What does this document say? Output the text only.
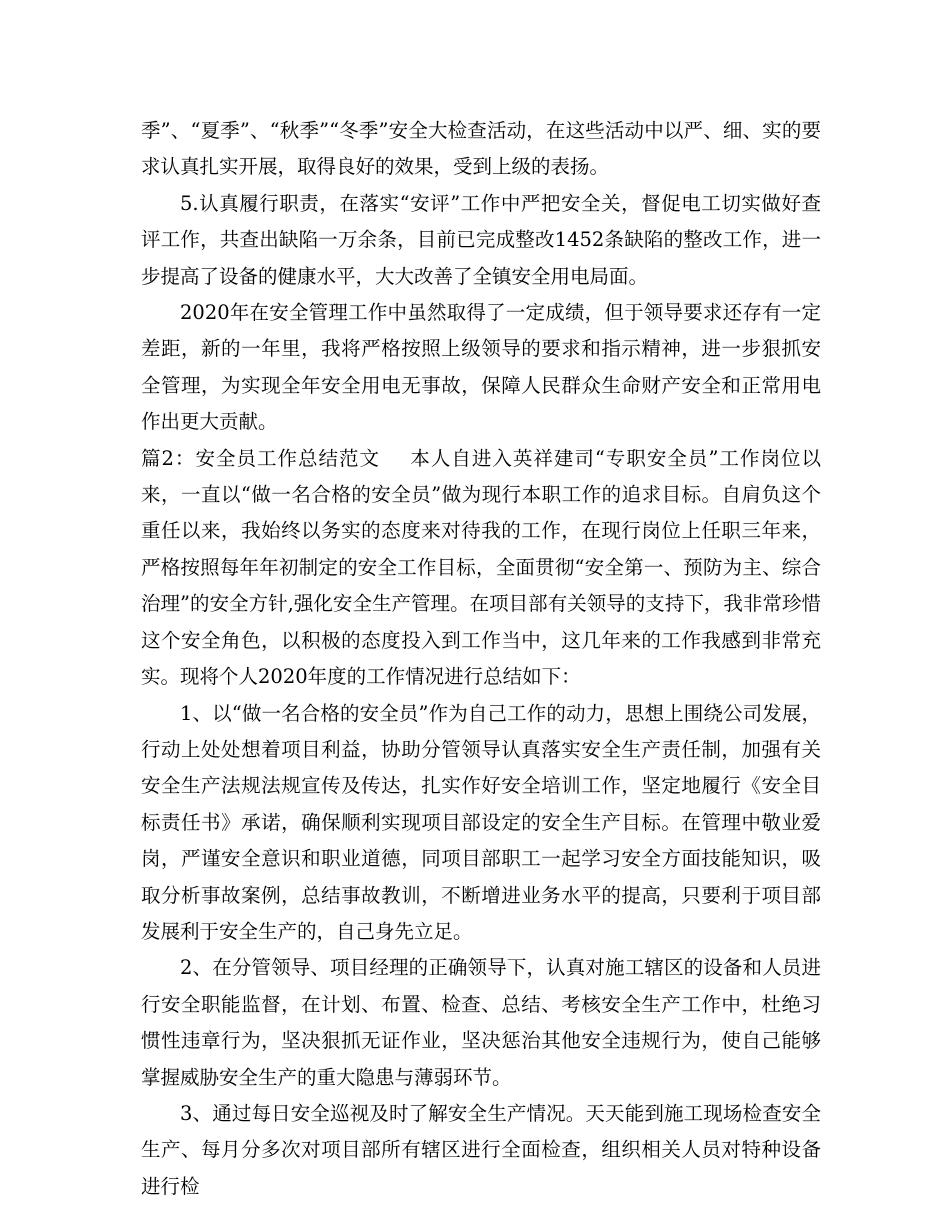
季”、“夏季”、“秋季”“冬季”安全大检查活动，在这些活动中以严、细、实的要求认真扎实开展，取得良好的效果，受到上级的表扬。

5.认真履行职责，在落实“安评”工作中严把安全关，督促电工切实做好查评工作，共查出缺陷一万余条，目前已完成整改1452条缺陷的整改工作，进一步提高了设备的健康水平，大大改善了全镇安全用电局面。

2020年在安全管理工作中虽然取得了一定成绩，但于领导要求还存有一定差距，新的一年里，我将严格按照上级领导的要求和指示精神，进一步狠抓安全管理，为实现全年安全用电无事故，保障人民群众生命财产安全和正常用电作出更大贡献。

篇2：安全员工作总结范文 本人自进入英祥建司“专职安全员”工作岗位以来，一直以“做一名合格的安全员”做为现行本职工作的追求目标。自肩负这个重任以来，我始终以务实的态度来对待我的工作，在现行岗位上任职三年来，严格按照每年年初制定的安全工作目标，全面贯彻“安全第一、预防为主、综合治理”的安全方针,强化安全生产管理。在项目部有关领导的支持下，我非常珍惜这个安全角色，以积极的态度投入到工作当中，这几年来的工作我感到非常充实。现将个人2020年度的工作情况进行总结如下：

1、以“做一名合格的安全员”作为自己工作的动力，思想上围绕公司发展，行动上处处想着项目利益，协助分管领导认真落实安全生产责任制，加强有关安全生产法规法规宣传及传达，扎实作好安全培训工作，坚定地履行《安全目标责任书》承诺，确保顺利实现项目部设定的安全生产目标。在管理中敬业爱岗，严谨安全意识和职业道德，同项目部职工一起学习安全方面技能知识，吸取分析事故案例，总结事故教训，不断增进业务水平的提高，只要利于项目部发展利于安全生产的，自己身先立足。

2、在分管领导、项目经理的正确领导下，认真对施工辖区的设备和人员进行安全职能监督，在计划、布置、检查、总结、考核安全生产工作中，杜绝习惯性违章行为，坚决狠抓无证作业，坚决惩治其他安全违规行为，使自己能够掌握威胁安全生产的重大隐患与薄弱环节。

3、通过每日安全巡视及时了解安全生产情况。天天能到施工现场检查安全生产、每月分多次对项目部所有辖区进行全面检查，组织相关人员对特种设备进行检
